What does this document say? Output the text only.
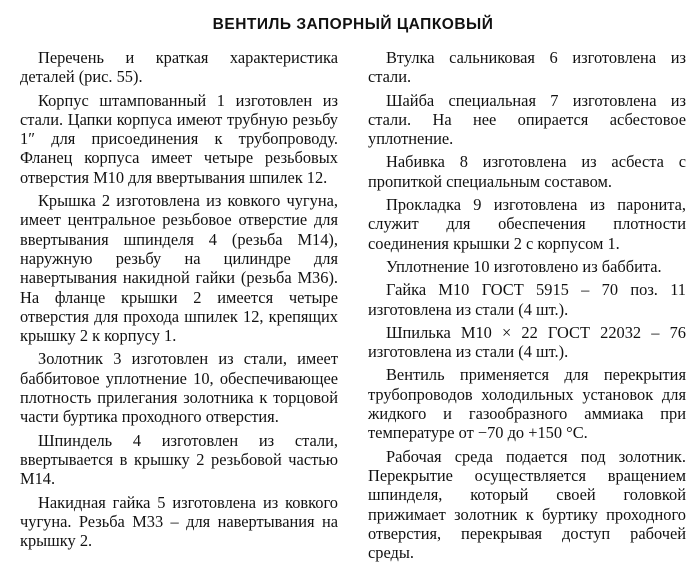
ВЕНТИЛЬ ЗАПОРНЫЙ ЦАПКОВЫЙ

Перечень и краткая характеристика деталей (рис. 55).

Корпус штампованный 1 изготовлен из стали. Цапки корпуса имеют трубную резьбу 1″ для присоединения к трубопроводу. Фланец корпуса имеет четыре резьбовых отверстия М10 для ввертывания шпилек 12.

Крышка 2 изготовлена из ковкого чугуна, имеет центральное резьбовое отверстие для ввертывания шпинделя 4 (резьба М14), наружную резьбу на цилиндре для навертывания накидной гайки (резьба М36). На фланце крышки 2 имеется четыре отверстия для прохода шпилек 12, крепящих крышку 2 к корпусу 1.

Золотник 3 изготовлен из стали, имеет баббитовое уплотнение 10, обеспечивающее плотность прилегания золотника к торцовой части буртика проходного отверстия.

Шпиндель 4 изготовлен из стали, ввертывается в крышку 2 резьбовой частью М14.

Накидная гайка 5 изготовлена из ковкого чугуна. Резьба М33 – для навертывания на крышку 2.

Втулка сальниковая 6 изготовлена из стали.

Шайба специальная 7 изготовлена из стали. На нее опирается асбестовое уплотнение.

Набивка 8 изготовлена из асбеста с пропиткой специальным составом.

Прокладка 9 изготовлена из паронита, служит для обеспечения плотности соединения крышки 2 с корпусом 1.

Уплотнение 10 изготовлено из баббита.

Гайка М10 ГОСТ 5915 – 70 поз. 11 изготовлена из стали (4 шт.).

Шпилька М10 × 22 ГОСТ 22032 – 76 изготовлена из стали (4 шт.).

Вентиль применяется для перекрытия трубопроводов холодильных установок для жидкого и газообразного аммиака при температуре от −70 до +150 °С.

Рабочая среда подается под золотник. Перекрытие осуществляется вращением шпинделя, который своей головкой прижимает золотник к буртику проходного отверстия, перекрывая доступ рабочей среды.
